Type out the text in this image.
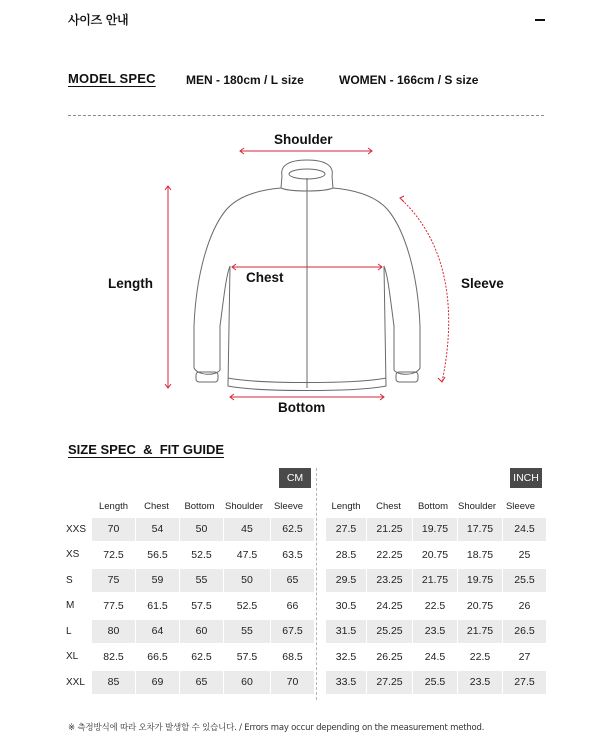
사이즈 안내
MODEL SPEC	MEN - 180cm / L size	WOMEN - 166cm / S size
Shoulder
Chest
Length	Sleeve
Bottom
SIZE SPEC  &  FIT GUIDE
CM	INCH
Length	Chest	Bottom	Shoulder	Sleeve
XXS	70	54	50	45	62.5
XS	72.5	56.5	52.5	47.5	63.5
S	75	59	55	50	65
M	77.5	61.5	57.5	52.5	66
L	80	64	60	55	67.5
XL	82.5	66.5	62.5	57.5	68.5
XXL	85	69	65	60	70
Length	Chest	Bottom	Shoulder	Sleeve
27.5	21.25	19.75	17.75	24.5
28.5	22.25	20.75	18.75	25
29.5	23.25	21.75	19.75	25.5
30.5	24.25	22.5	20.75	26
31.5	25.25	23.5	21.75	26.5
32.5	26.25	24.5	22.5	27
33.5	27.25	25.5	23.5	27.5
※ 측정방식에 따라 오차가 발생할 수 있습니다. / Errors may occur depending on the measurement method.
